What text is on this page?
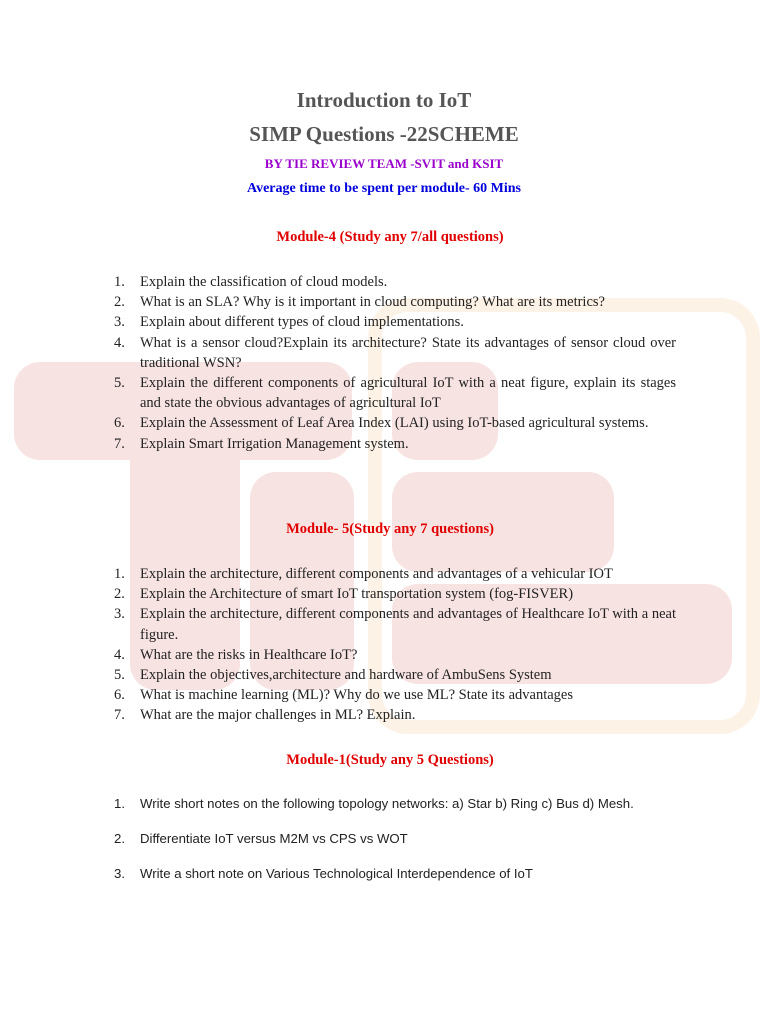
Introduction to IoT
SIMP Questions -22SCHEME
BY TIE REVIEW TEAM -SVIT and KSIT
Average time to be spent per module- 60 Mins
Module-4 (Study any 7/all questions)
1. Explain the classification of cloud models.
2. What is an SLA? Why is it important in cloud computing? What are its metrics?
3. Explain about different types of cloud implementations.
4. What is a sensor cloud?Explain its architecture? State its advantages of sensor cloud over traditional WSN?
5. Explain the different components of agricultural IoT with a neat figure, explain its stages and state the obvious advantages of agricultural IoT
6. Explain the Assessment of Leaf Area Index (LAI) using IoT-based agricultural systems.
7. Explain Smart Irrigation Management system.
Module- 5(Study any 7 questions)
1. Explain the architecture, different components and advantages of a vehicular IOT
2. Explain the Architecture of smart IoT transportation system (fog-FISVER)
3. Explain the architecture, different components and advantages of Healthcare IoT with a neat figure.
4. What are the risks in Healthcare IoT?
5. Explain the objectives,architecture and hardware of AmbuSens System
6. What is machine learning (ML)? Why do we use ML? State its advantages
7. What are the major challenges in ML? Explain.
Module-1(Study any 5 Questions)
1. Write short notes on the following topology networks: a) Star b) Ring c) Bus d) Mesh.
2. Differentiate IoT versus M2M vs CPS vs WOT
3. Write a short note on Various Technological Interdependence of IoT
